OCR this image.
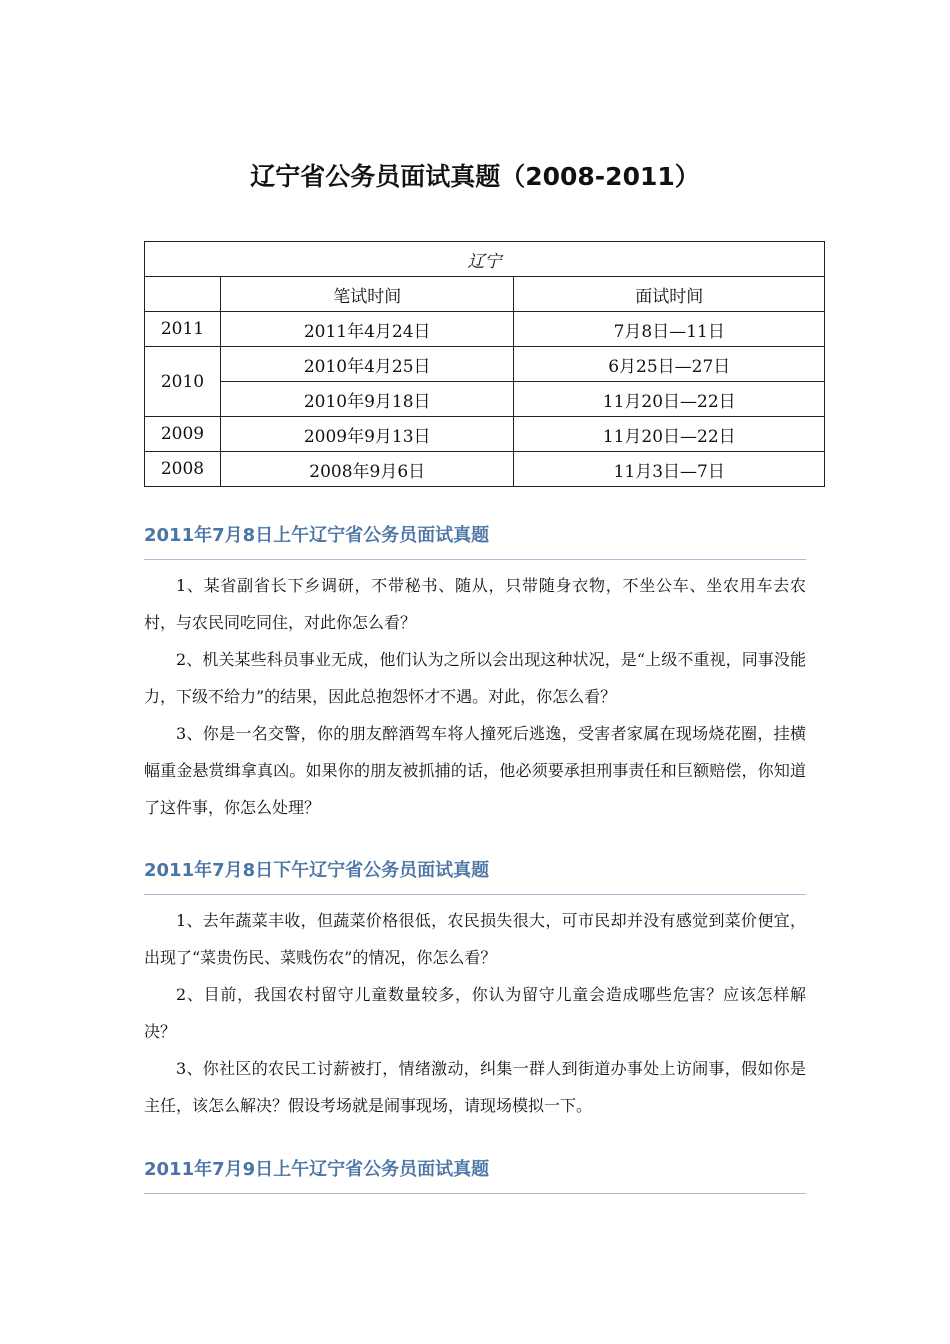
辽宁省公务员面试真题（2008-2011）
辽宁		
	笔试时间	面试时间
2011	2011年4月24日	7月8日—11日
2010	2010年4月25日	6月25日—27日
	2010年9月18日	11月20日—22日
2009	2009年9月13日	11月20日—22日
2008	2008年9月6日	11月3日—7日
2011年7月8日上午辽宁省公务员面试真题

1、某省副省长下乡调研，不带秘书、随从，只带随身衣物，不坐公车、坐农用车去农村，与农民同吃同住，对此你怎么看？

2、机关某些科员事业无成，他们认为之所以会出现这种状况，是“上级不重视，同事没能力，下级不给力”的结果，因此总抱怨怀才不遇。对此，你怎么看？

3、你是一名交警，你的朋友醉酒驾车将人撞死后逃逸，受害者家属在现场烧花圈，挂横幅重金悬赏缉拿真凶。如果你的朋友被抓捕的话，他必须要承担刑事责任和巨额赔偿，你知道了这件事，你怎么处理？

2011年7月8日下午辽宁省公务员面试真题

1、去年蔬菜丰收，但蔬菜价格很低，农民损失很大，可市民却并没有感觉到菜价便宜，出现了“菜贵伤民、菜贱伤农”的情况，你怎么看？

2、目前，我国农村留守儿童数量较多，你认为留守儿童会造成哪些危害？应该怎样解决？

3、你社区的农民工讨薪被打，情绪激动，纠集一群人到街道办事处上访闹事，假如你是主任，该怎么解决？假设考场就是闹事现场，请现场模拟一下。

2011年7月9日上午辽宁省公务员面试真题
